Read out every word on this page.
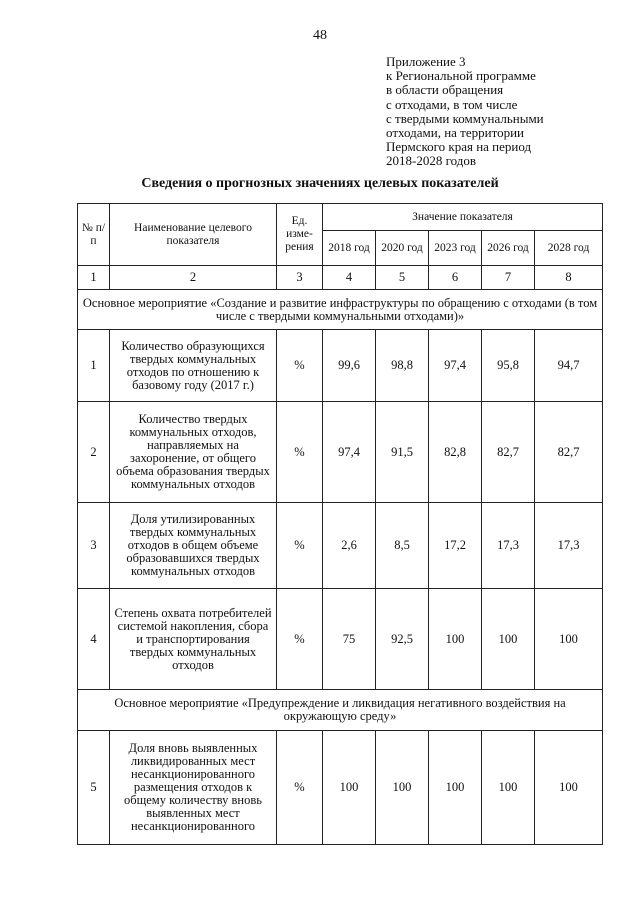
48
Приложение 3
к Региональной программе
в области обращения
с отходами, в том числе
с твердыми коммунальными
отходами, на территории
Пермского края на период
2018-2028 годов
Сведения о прогнозных значениях целевых показателей
№ п/п	Наименование целевого показателя	Ед. изме-рения	Значение показателя				
			2018 год	2020 год	2023 год	2026 год	2028 год
1	2	3	4	5	6	7	8
Основное мероприятие «Создание и развитие инфраструктуры по обращению с отходами (в том числе с твердыми коммунальными отходами)»							
1	Количество образующихся твердых коммунальных отходов по отношению к базовому году (2017 г.)	%	99,6	98,8	97,4	95,8	94,7
2	Количество твердых коммунальных отходов, направляемых на захоронение, от общего объема образования твердых коммунальных отходов	%	97,4	91,5	82,8	82,7	82,7
3	Доля утилизированных твердых коммунальных отходов в общем объеме образовавшихся твердых коммунальных отходов	%	2,6	8,5	17,2	17,3	17,3
4	Степень охвата потребителей системой накопления, сбора и транспортирования твердых коммунальных отходов	%	75	92,5	100	100	100
Основное мероприятие «Предупреждение и ликвидация негативного воздействия на окружающую среду»							
5	Доля вновь выявленных ликвидированных мест несанкционированного размещения отходов к общему количеству вновь выявленных мест несанкционированного	%	100	100	100	100	100
